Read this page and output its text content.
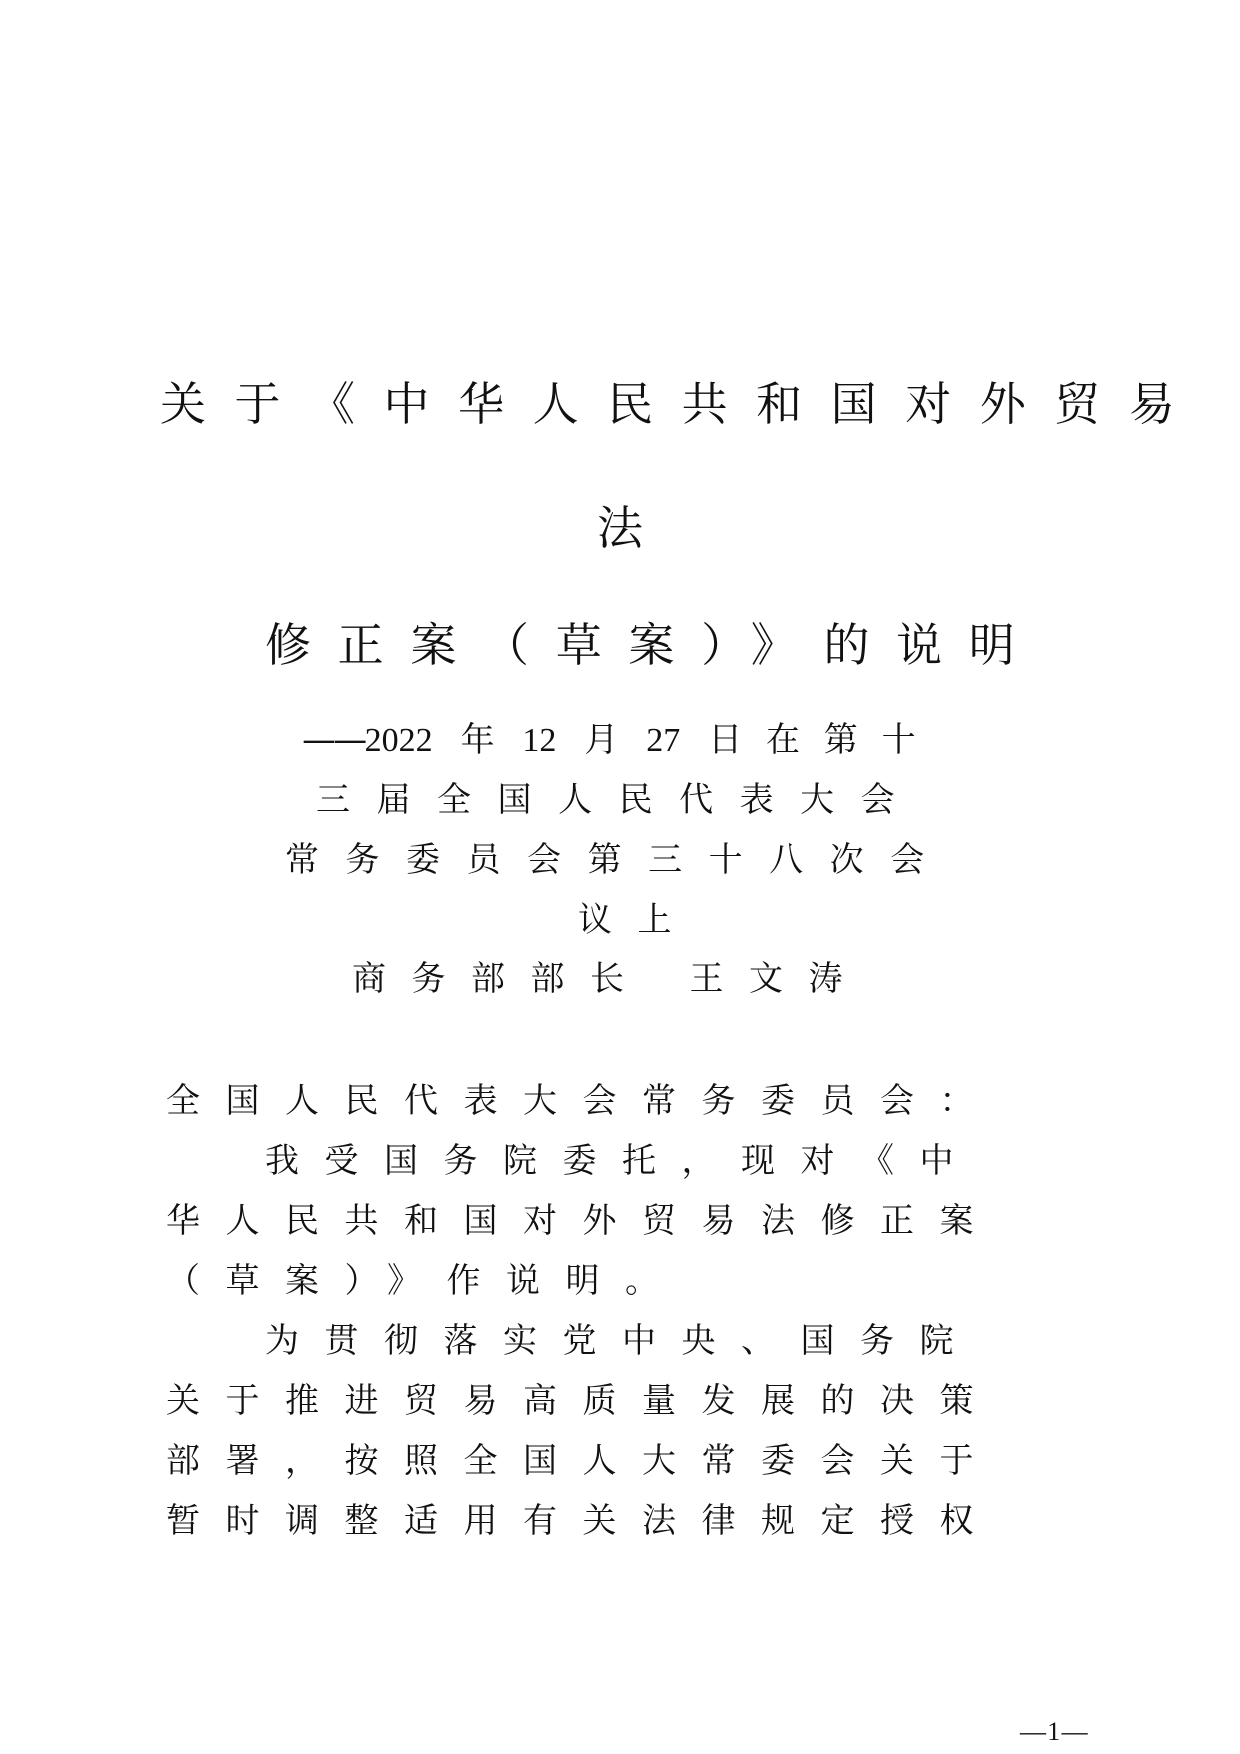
关于《中华人民共和国对外贸易
法
修正案（草案）》的说明
——2022 年 12 月 27 日在第十
三届全国人民代表大会
常务委员会第三十八次会
议上
商务部部长 王文涛
全国人民代表大会常务委员会：
我受国务院委托，现对《中
华人民共和国对外贸易法修正案
（草案）》作说明。
为贯彻落实党中央、国务院
关于推进贸易高质量发展的决策
部署，按照全国人大常委会关于
暂时调整适用有关法律规定授权
—1—
